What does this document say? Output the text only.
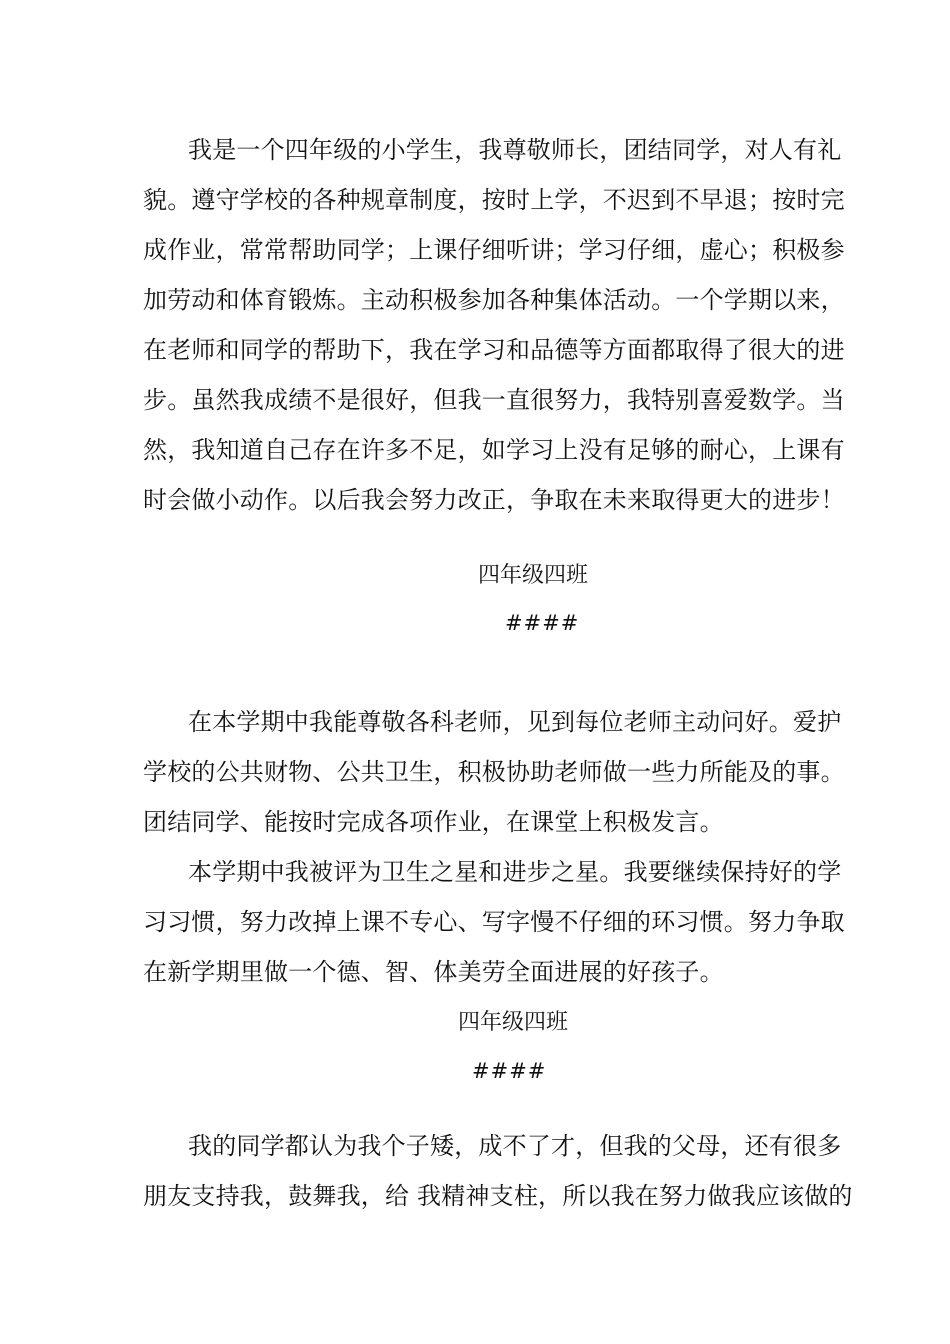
我是一个四年级的小学生，我尊敬师长，团结同学，对人有礼
貌。遵守学校的各种规章制度，按时上学，不迟到不早退；按时完
成作业，常常帮助同学；上课仔细听讲；学习仔细，虚心；积极参
加劳动和体育锻炼。主动积极参加各种集体活动。一个学期以来，
在老师和同学的帮助下，我在学习和品德等方面都取得了很大的进
步。虽然我成绩不是很好，但我一直很努力，我特别喜爱数学。当
然，我知道自己存在许多不足，如学习上没有足够的耐心，上课有
时会做小动作。以后我会努力改正，争取在未来取得更大的进步！
四年级四班
####
在本学期中我能尊敬各科老师，见到每位老师主动问好。爱护
学校的公共财物、公共卫生，积极协助老师做一些力所能及的事。
团结同学、能按时完成各项作业，在课堂上积极发言。
本学期中我被评为卫生之星和进步之星。我要继续保持好的学
习习惯，努力改掉上课不专心、写字慢不仔细的环习惯。努力争取
在新学期里做一个德、智、体美劳全面进展的好孩子。
四年级四班
####
我的同学都认为我个子矮，成不了才，但我的父母，还有很多
朋友支持我，鼓舞我，给 我精神支柱，所以我在努力做我应该做的
